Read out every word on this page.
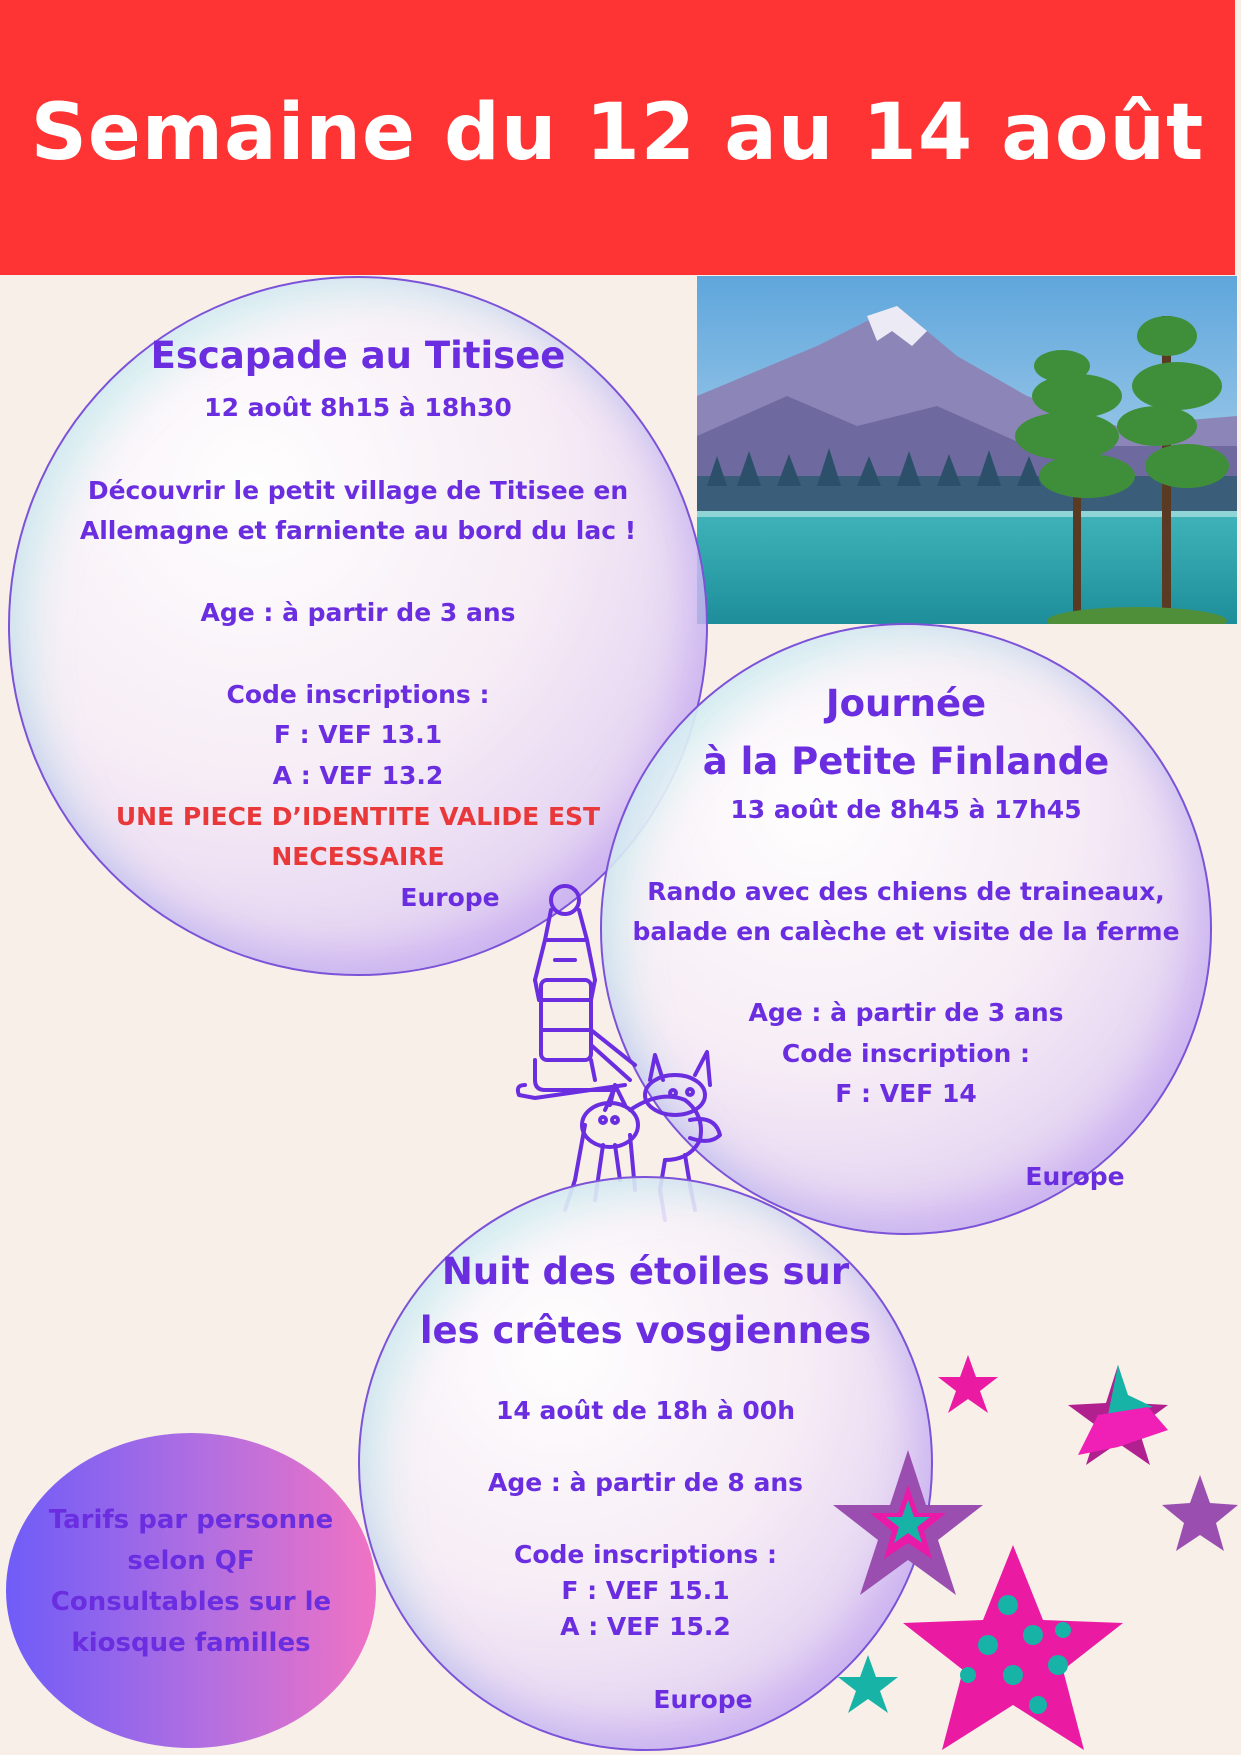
Semaine du 12 au 14 août
Escapade au Titisee
12 août 8h15 à 18h30
Découvrir le petit village de Titisee en
Allemagne et farniente au bord du lac !
Age : à partir de 3 ans
Code inscriptions :
F : VEF 13.1
A : VEF 13.2
UNE PIECE D’IDENTITE VALIDE EST
NECESSAIRE
Europe
Journée
à la Petite Finlande
13 août de 8h45 à 17h45
Rando avec des chiens de traineaux,
balade en calèche et visite de la ferme
Age : à partir de 3 ans
Code inscription :
F : VEF 14
Europe
Nuit des étoiles sur
les crêtes vosgiennes
14 août de 18h à 00h
Age : à partir de 8 ans
Code inscriptions :
F : VEF 15.1
A : VEF 15.2
Europe
Tarifs par personne
selon QF
Consultables sur le
kiosque familles
